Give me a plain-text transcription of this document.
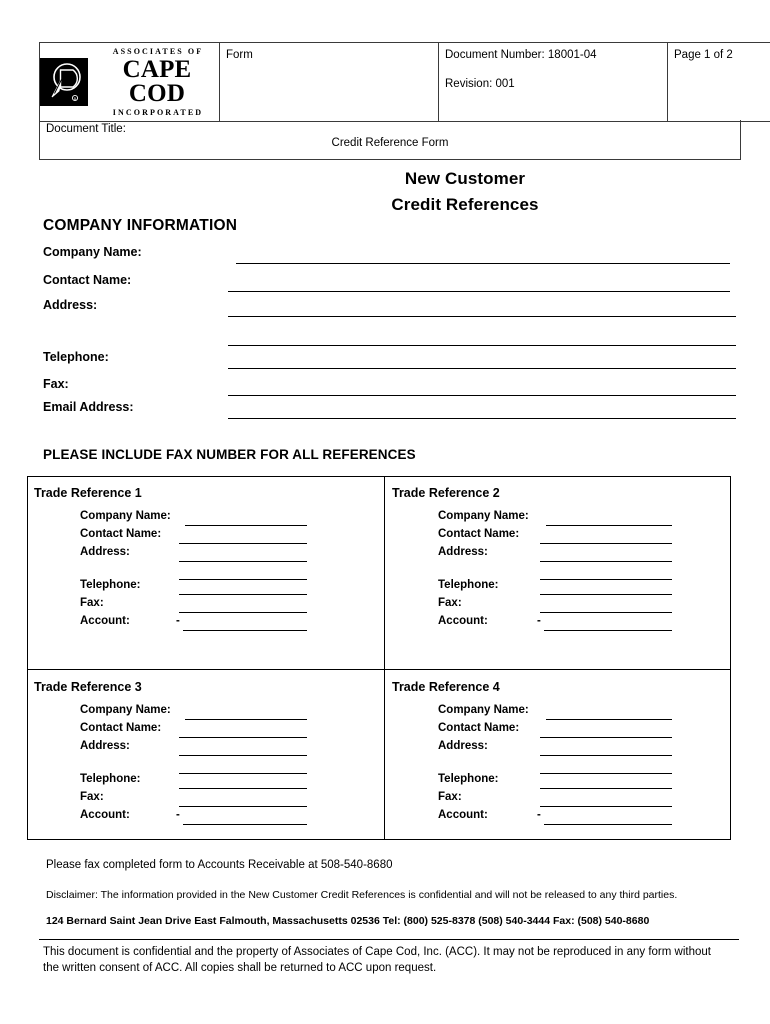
R
ASSOCIATES OF
CAPE COD
INCORPORATED
	Form	Document Number: 18001-04
Revision: 001
	Page 1 of 2
Document Title:
Credit Reference Form
New Customer
Credit References
COMPANY INFORMATION
Company Name:
Contact Name:
Address:
Telephone:
Fax:
Email Address:
PLEASE INCLUDE FAX NUMBER FOR ALL REFERENCES
Trade Reference 1
Company Name:
Contact Name:
Address:
Telephone:
Fax:
Account:	-
Trade Reference 2
Company Name:
Contact Name:
Address:
Telephone:
Fax:
Account:	-
Trade Reference 3
Company Name:
Contact Name:
Address:
Telephone:
Fax:
Account:	-
Trade Reference 4
Company Name:
Contact Name:
Address:
Telephone:
Fax:
Account:	-
Please fax completed form to Accounts Receivable at 508-540-8680
Disclaimer: The information provided in the New Customer Credit References is confidential and will not be released to any third parties.
124 Bernard Saint Jean Drive East Falmouth, Massachusetts 02536 Tel: (800) 525-8378 (508) 540-3444 Fax: (508) 540-8680
This document is confidential and the property of Associates of Cape Cod, Inc. (ACC). It may not be reproduced in any form without the written consent of ACC. All copies shall be returned to ACC upon request.
